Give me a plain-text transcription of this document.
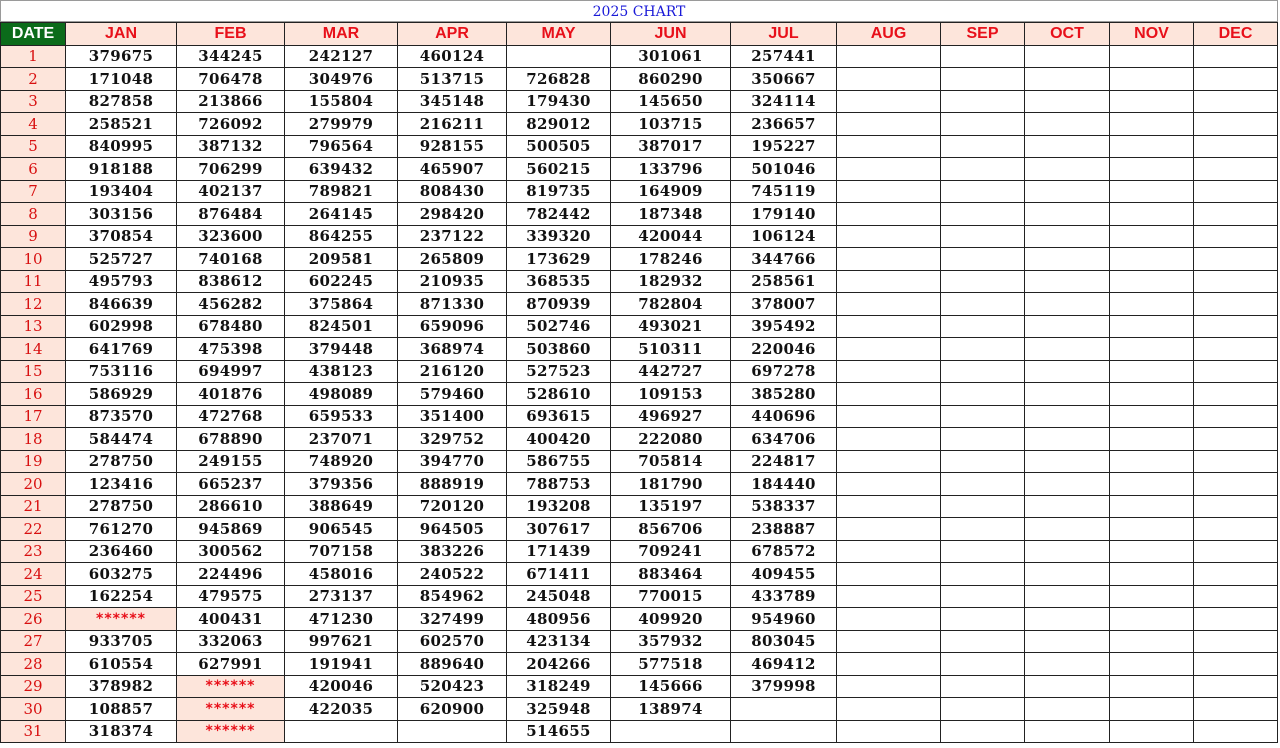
2025 CHART
DATE	JAN	FEB	MAR	APR	MAY	JUN	JUL	AUG	SEP	OCT	NOV	DEC
1	379675	344245	242127	460124		301061	257441					
2	171048	706478	304976	513715	726828	860290	350667					
3	827858	213866	155804	345148	179430	145650	324114					
4	258521	726092	279979	216211	829012	103715	236657					
5	840995	387132	796564	928155	500505	387017	195227					
6	918188	706299	639432	465907	560215	133796	501046					
7	193404	402137	789821	808430	819735	164909	745119					
8	303156	876484	264145	298420	782442	187348	179140					
9	370854	323600	864255	237122	339320	420044	106124					
10	525727	740168	209581	265809	173629	178246	344766					
11	495793	838612	602245	210935	368535	182932	258561					
12	846639	456282	375864	871330	870939	782804	378007					
13	602998	678480	824501	659096	502746	493021	395492					
14	641769	475398	379448	368974	503860	510311	220046					
15	753116	694997	438123	216120	527523	442727	697278					
16	586929	401876	498089	579460	528610	109153	385280					
17	873570	472768	659533	351400	693615	496927	440696					
18	584474	678890	237071	329752	400420	222080	634706					
19	278750	249155	748920	394770	586755	705814	224817					
20	123416	665237	379356	888919	788753	181790	184440					
21	278750	286610	388649	720120	193208	135197	538337					
22	761270	945869	906545	964505	307617	856706	238887					
23	236460	300562	707158	383226	171439	709241	678572					
24	603275	224496	458016	240522	671411	883464	409455					
25	162254	479575	273137	854962	245048	770015	433789					
26	******	400431	471230	327499	480956	409920	954960					
27	933705	332063	997621	602570	423134	357932	803045					
28	610554	627991	191941	889640	204266	577518	469412					
29	378982	******	420046	520423	318249	145666	379998					
30	108857	******	422035	620900	325948	138974						
31	318374	******			514655							
